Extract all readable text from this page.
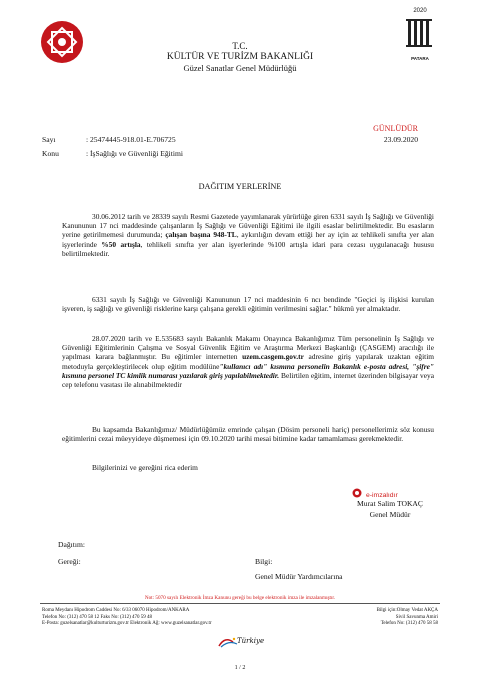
T.C.
KÜLTÜR VE TURİZM BAKANLIĞI
Güzel Sanatlar Genel Müdürlüğü
2020
PATARA
GÜNLÜDÜR
Sayı	: 25474445-918.01-E.706725	23.09.2020
Konu	: İşSağlığı ve Güvenliği Eğitimi
DAĞITIM YERLERİNE
30.06.2012 tarih ve 28339 sayılı Resmi Gazetede yayımlanarak yürürlüğe giren 6331 sayılı İş Sağlığı ve Güvenliği Kanununun 17 nci maddesinde çalışanların İş Sağlığı ve Güvenliği Eğitimi ile ilgili esaslar belirtilmektedir. Bu esasların yerine getirilmemesi durumunda; çalışan başına 948-TL, aykırılığın devam ettiği her ay için az tehlikeli sınıfta yer alan işyerlerinde %50 artışla, tehlikeli sınıfta yer alan işyerlerinde %100 artışla idari para cezası uygulanacağı hususu belirtilmektedir.
6331 sayılı İş Sağlığı ve Güvenliği Kanununun 17 nci maddesinin 6 ncı bendinde "Geçici iş ilişkisi kurulan işveren, iş sağlığı ve güvenliği risklerine karşı çalışana gerekli eğitimin verilmesini sağlar." hükmü yer almaktadır.
28.07.2020 tarih ve E.535683 sayılı Bakanlık Makamı Onayınca Bakanlığımız Tüm personelinin İş Sağlığı ve Güvenliği Eğitimlerinin Çalışma ve Sosyal Güvenlik Eğitim ve Araştırma Merkezi Başkanlığı (ÇASGEM) aracılığı ile yapılması karara bağlanmıştır. Bu eğitimler internetten uzem.casgem.gov.tr adresine giriş yapılarak uzaktan eğitim metoduyla gerçekleştirilecek olup eğitim modülüne"kullanıcı adı" kısmına personelin Bakanlık e-posta adresi, "şifre" kısmına personel TC kimlik numarası yazılarak giriş yapılabilmektedir. Belirtilen eğitim, internet üzerinden bilgisayar veya cep telefonu vasıtası ile alınabilmektedir
Bu kapsamda Bakanlığımız/ Müdürlüğümüz emrinde çalışan (Dösim personeli hariç) personellerimiz söz konusu eğitimlerini cezai müeyyideye düşmemesi için 09.10.2020 tarihi mesai bitimine kadar tamamlaması gerekmektedir.
Bilgilerinizi ve gereğini rica ederim
e-imzalıdır
Murat Salim TOKAÇ
Genel Müdür
Dağıtım:
Gereği:	Bilgi:
Genel Müdür Yardımcılarına
Not: 5070 sayılı Elektronik İmza Kanunu gereği bu belge elektronik imza ile imzalanmıştır.
Roma Meydanı Hipodrom Caddesi No: 6/33 06070 Hipodrom/ANKARA
Telefon No: (312) 470 58 12 Faks No: (312) 470 59 48
E-Posta: guzelsanatlar@kulturturizm.gov.tr Elektronik Ağ: www.guzelsanatlar.gov.tr
Bilgi için:Olmay Vedat AKÇA
Sivil Savunma Amiri
Telefon No: (312) 470 58 58
Türkiye
1 / 2
